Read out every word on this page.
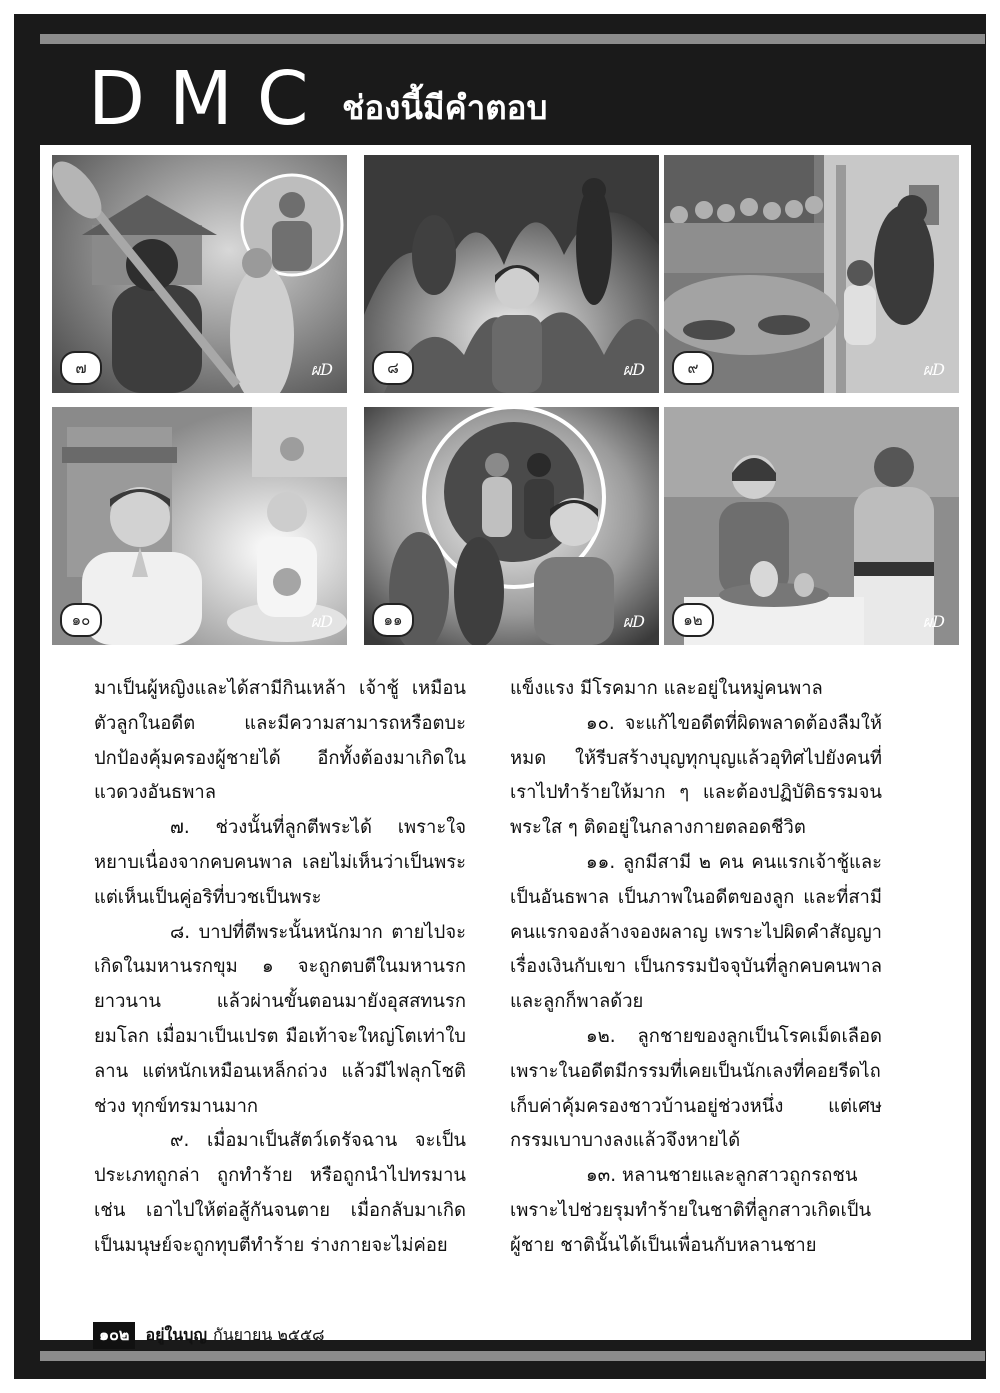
DMC ช่องนี้มีคำตอบ
๗	ผD	๘	ผD	๙	ผD
๑๐	ผD	๑๑	ผD	๑๒	ผD

มาเป็นผู้หญิงและได้สามีกินเหล้า เจ้าชู้ เหมือนตัวลูกในอดีต และมีความสามารถหรือตบะปกป้องคุ้มครองผู้ชายได้ อีกทั้งต้องมาเกิดในแวดวงอันธพาล

๗. ช่วงนั้นที่ลูกตีพระได้ เพราะใจหยาบเนื่องจากคบคนพาล เลยไม่เห็นว่าเป็นพระ แต่เห็นเป็นคู่อริที่บวชเป็นพระ

๘. บาปที่ตีพระนั้นหนักมาก ตายไปจะเกิดในมหานรกขุม ๑ จะถูกตบตีในมหานรกยาวนาน แล้วผ่านขั้นตอนมายังอุสสทนรกยมโลก เมื่อมาเป็นเปรต มือเท้าจะใหญ่โตเท่าใบลาน แต่หนักเหมือนเหล็กถ่วง แล้วมีไฟลุกโชติช่วง ทุกข์ทรมานมาก

๙. เมื่อมาเป็นสัตว์เดรัจฉาน จะเป็นประเภทถูกล่า ถูกทำร้าย หรือถูกนำไปทรมาน เช่น เอาไปให้ต่อสู้กันจนตาย เมื่อกลับมาเกิดเป็นมนุษย์จะถูกทุบตีทำร้าย ร่างกายจะไม่ค่อย

แข็งแรง มีโรคมาก และอยู่ในหมู่คนพาล

๑๐. จะแก้ไขอดีตที่ผิดพลาดต้องลืมให้หมด ให้รีบสร้างบุญทุกบุญแล้วอุทิศไปยังคนที่เราไปทำร้ายให้มาก ๆ และต้องปฏิบัติธรรมจนพระใส ๆ ติดอยู่ในกลางกายตลอดชีวิต

๑๑. ลูกมีสามี ๒ คน คนแรกเจ้าชู้และเป็นอันธพาล เป็นภาพในอดีตของลูก และที่สามีคนแรกจองล้างจองผลาญ เพราะไปผิดคำสัญญาเรื่องเงินกับเขา เป็นกรรมปัจจุบันที่ลูกคบคนพาลและลูกก็พาลด้วย

๑๒. ลูกชายของลูกเป็นโรคเม็ดเลือดเพราะในอดีตมีกรรมที่เคยเป็นนักเลงที่คอยรีดไถเก็บค่าคุ้มครองชาวบ้านอยู่ช่วงหนึ่ง แต่เศษกรรมเบาบางลงแล้วจึงหายได้

๑๓. หลานชายและลูกสาวถูกรถชนเพราะไปช่วยรุมทำร้ายในชาติที่ลูกสาวเกิดเป็นผู้ชาย ชาตินั้นได้เป็นเพื่อนกับหลานชาย

๑๐๒ อยู่ในบุญ กันยายน ๒๕๕๘
